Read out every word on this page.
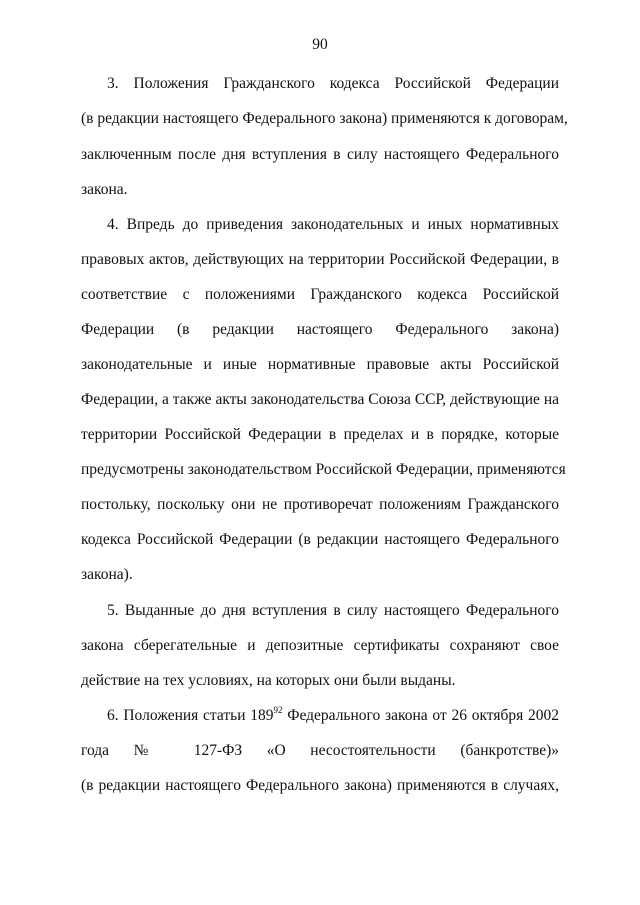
90
3. Положения Гражданского кодекса Российской Федерации
(в редакции настоящего Федерального закона) применяются к договорам,
заключенным после дня вступления в силу настоящего Федерального
закона.
4. Впредь до приведения законодательных и иных нормативных
правовых актов, действующих на территории Российской Федерации, в
соответствие с положениями Гражданского кодекса Российской
Федерации (в редакции настоящего Федерального закона)
законодательные и иные нормативные правовые акты Российской
Федерации, а также акты законодательства Союза ССР, действующие на
территории Российской Федерации в пределах и в порядке, которые
предусмотрены законодательством Российской Федерации, применяются
постольку, поскольку они не противоречат положениям Гражданского
кодекса Российской Федерации (в редакции настоящего Федерального
закона).
5. Выданные до дня вступления в силу настоящего Федерального
закона сберегательные и депозитные сертификаты сохраняют свое
действие на тех условиях, на которых они были выданы.
6. Положения статьи $189^{92}$ Федерального закона от 26 октября 2002
года № 127-ФЗ «О несостоятельности (банкротстве)»
(в редакции настоящего Федерального закона) применяются в случаях,
